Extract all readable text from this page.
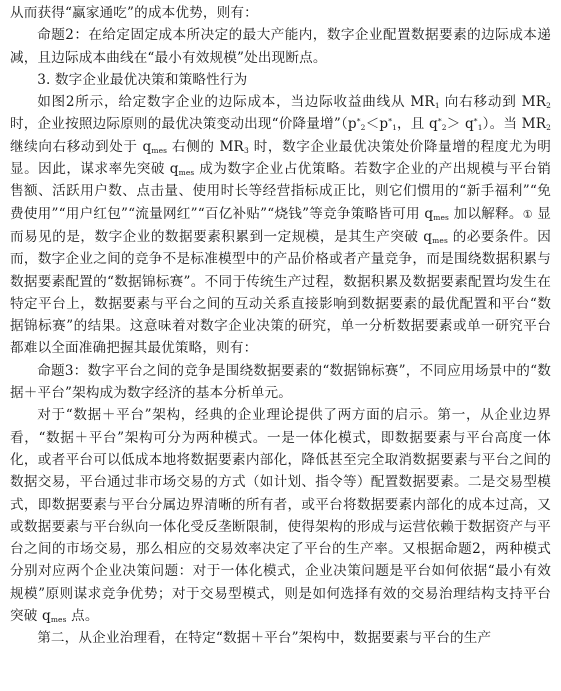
从而获得“赢家通吃”的成本优势，则有：

命题2：在给定固定成本所决定的最大产能内，数字企业配置数据要素的边际成本递减，且边际成本曲线在“最小有效规模”处出现断点。

3. 数字企业最优决策和策略性行为

如图2所示，给定数字企业的边际成本，当边际收益曲线从 $MR_1$ 向右移动到 $MR_2$ 时，企业按照边际原则的最优决策变动出现“价降量增$”(p^*_2<p^*_1$，且 $q^*_2> q^*_1$）。当 $MR_2$ 继续向右移动到处于 $q_{mes}$ 右侧的 $MR_3$ 时，数字企业最优决策处价降量增的程度尤为明显。因此，谋求率先突破 $q_{mes}$ 成为数字企业占优策略。若数字企业的产出规模与平台销售额、活跃用户数、点击量、使用时长等经营指标成正比，则它们惯用的“新手福利”“免费使用”“用户红包”“流量网红”“百亿补贴”“烧钱”等竞争策略皆可用 $q_{mes}$ 加以解释。① 显而易见的是，数字企业的数据要素积累到一定规模，是其生产突破 $q_{mes}$ 的必要条件。因而，数字企业之间的竞争不是标准模型中的产品价格或者产量竞争，而是围绕数据积累与数据要素配置的“数据锦标赛”。不同于传统生产过程，数据积累及数据要素配置均发生在特定平台上，数据要素与平台之间的互动关系直接影响到数据要素的最优配置和平台“数据锦标赛”的结果。这意味着对数字企业决策的研究，单一分析数据要素或单一研究平台都难以全面准确把握其最优策略，则有：

命题3：数字平台之间的竞争是围绕数据要素的“数据锦标赛”，不同应用场景中的“数据＋平台”架构成为数字经济的基本分析单元。

对于“数据＋平台”架构，经典的企业理论提供了两方面的启示。第一，从企业边界看，“数据＋平台”架构可分为两种模式。一是一体化模式，即数据要素与平台高度一体化，或者平台可以低成本地将数据要素内部化，降低甚至完全取消数据要素与平台之间的数据交易，平台通过非市场交易的方式（如计划、指令等）配置数据要素。二是交易型模式，即数据要素与平台分属边界清晰的所有者，或平台将数据要素内部化的成本过高，又或数据要素与平台纵向一体化受反垄断限制，使得架构的形成与运营依赖于数据资产与平台之间的市场交易，那么相应的交易效率决定了平台的生产率。又根据命题2，两种模式分别对应两个企业决策问题：对于一体化模式，企业决策问题是平台如何依据“最小有效规模”原则谋求竞争优势；对于交易型模式，则是如何选择有效的交易治理结构支持平台突破 $q_{mes}$ 点。

第二，从企业治理看，在特定“数据＋平台”架构中，数据要素与平台的生产
